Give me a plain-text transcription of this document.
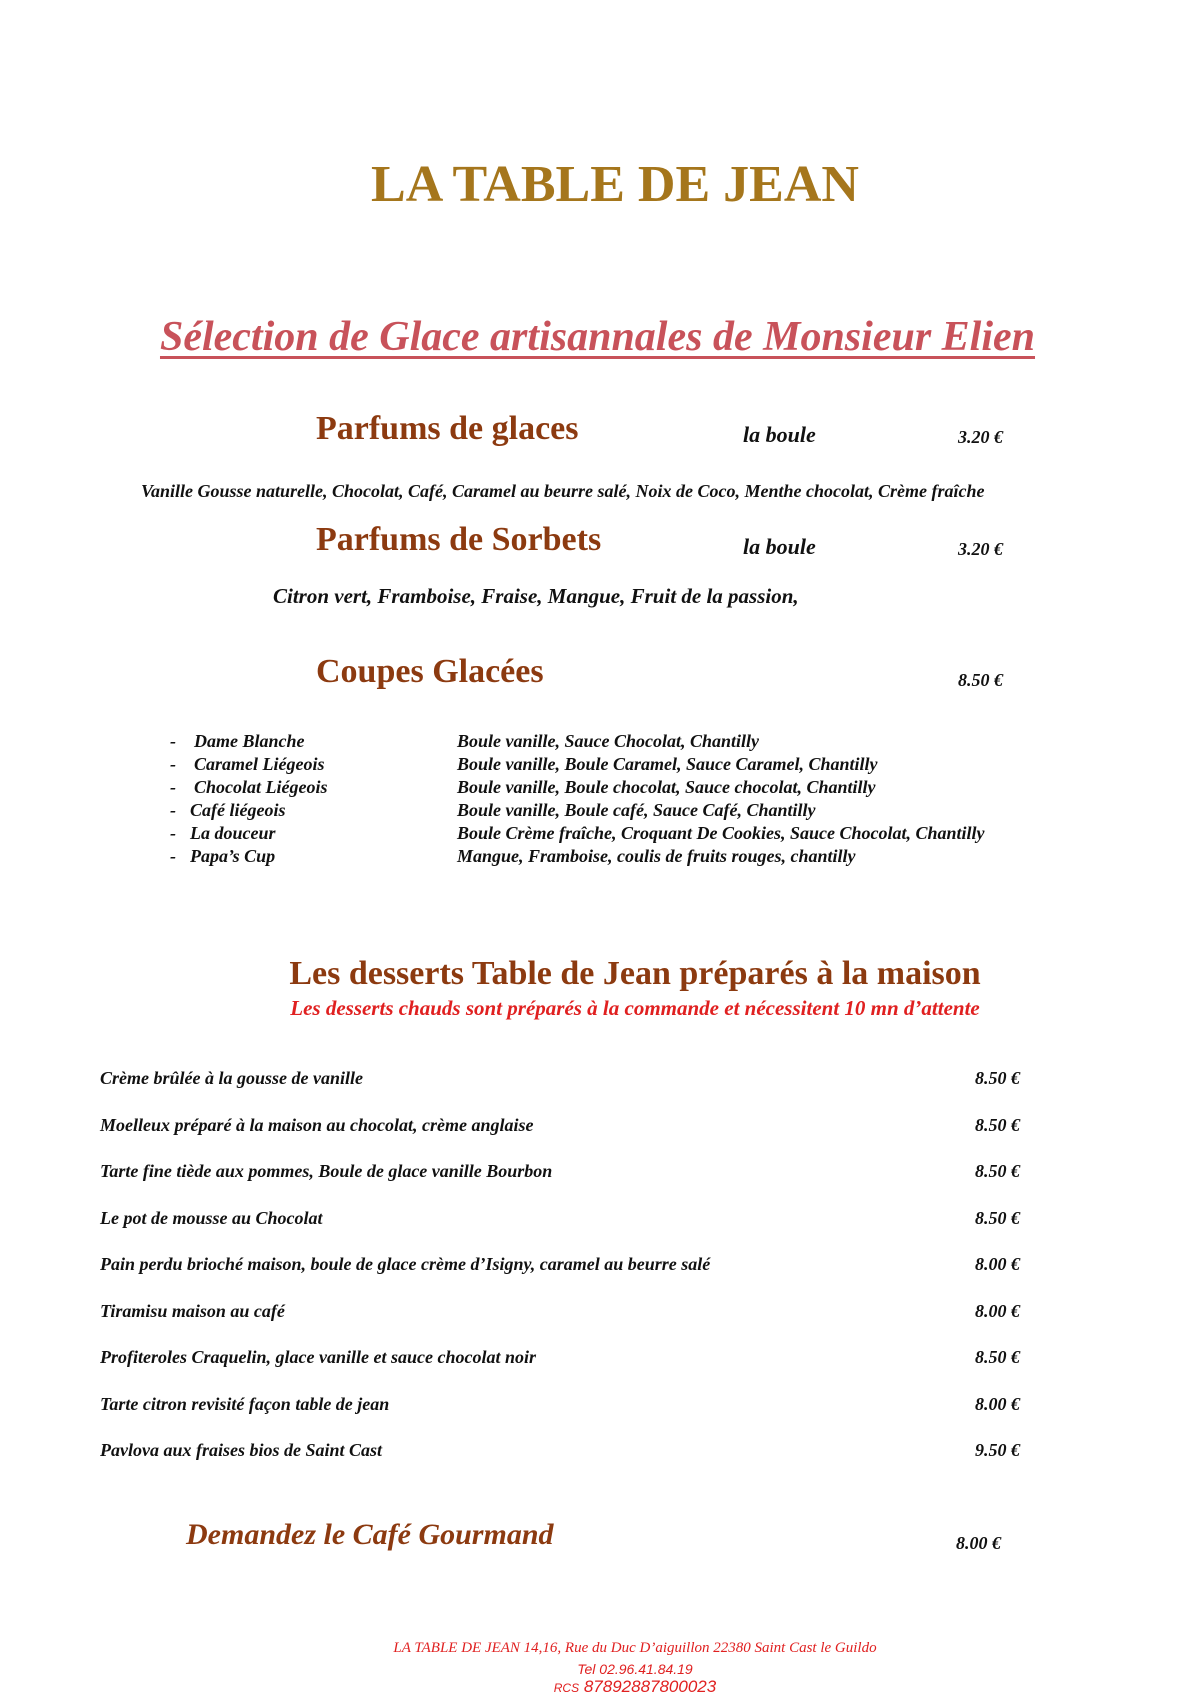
LA TABLE DE JEAN
Sélection de Glace artisannales de Monsieur Elien
Parfums de glaces	la boule	3.20 €
Vanille Gousse naturelle, Chocolat, Café, Caramel au beurre salé, Noix de Coco, Menthe chocolat, Crème fraîche
Parfums de Sorbets	la boule	3.20 €
Citron vert, Framboise, Fraise, Mangue, Fruit de la passion,
Coupes Glacées	8.50 €
-	Dame Blanche	Boule vanille, Sauce Chocolat, Chantilly
-	Caramel Liégeois	Boule vanille, Boule Caramel, Sauce Caramel, Chantilly
-	Chocolat Liégeois	Boule vanille, Boule chocolat, Sauce chocolat, Chantilly
- Café liégeois	Boule vanille, Boule café, Sauce Café, Chantilly
- La douceur	Boule Crème fraîche, Croquant De Cookies, Sauce Chocolat, Chantilly
- Papa’s Cup	Mangue, Framboise, coulis de fruits rouges, chantilly
Les desserts Table de Jean préparés à la maison
Les desserts chauds sont préparés à la commande et nécessitent 10 mn d’attente
Crème brûlée à la gousse de vanille	8.50 €
Moelleux préparé à la maison au chocolat, crème anglaise	8.50 €
Tarte fine tiède aux pommes, Boule de glace vanille Bourbon	8.50 €
Le pot de mousse au Chocolat	8.50 €
Pain perdu brioché maison, boule de glace crème d’Isigny, caramel au beurre salé	8.00 €
Tiramisu maison au café	8.00 €
Profiteroles Craquelin, glace vanille et sauce chocolat noir	8.50 €
Tarte citron revisité façon table de jean	8.00 €
Pavlova aux fraises bios de Saint Cast	9.50 €
Demandez le Café Gourmand	8.00 €
LA TABLE DE JEAN 14,16, Rue du Duc D’aiguillon 22380 Saint Cast le Guildo
Tel 02.96.41.84.19
RCS 87892887800023
